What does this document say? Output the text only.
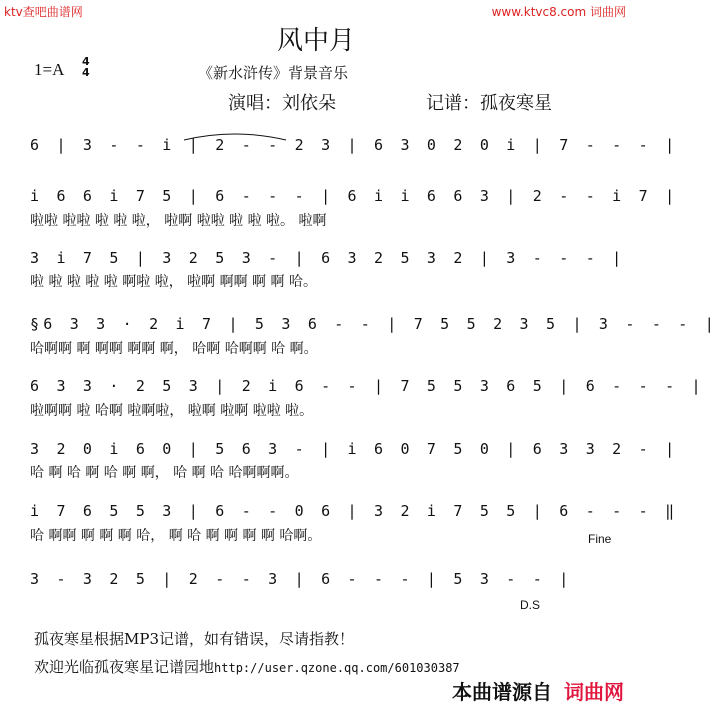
ktv查吧曲谱网	www.ktvc8.com 词曲网
风中月
1=A 4
4	《新水浒传》背景音乐
演唱：刘依朵	记谱：孤夜寒星
6 | 3 - - i | 2 - - 2 3 | 6 3 0 2 0 i | 7 - - - |
i 6 6 i 7 5 | 6 - - - | 6 i i 6 6 3 | 2 - - i 7 |
啦啦 啦啦 啦 啦 啦， 啦啊 啦啦 啦 啦 啦。 啦啊
3 i 7 5 | 3 2 5 3 - | 6 3 2 5 3 2 | 3 - - - |
啦 啦 啦 啦 啦 啊啦 啦， 啦啊 啊啊 啊 啊 哈。
§6 3 3 · 2 i 7 | 5 3 6 - - | 7 5 5 2 3 5 | 3 - - - |
哈啊啊 啊 啊啊 啊啊 啊， 哈啊 哈啊啊 哈 啊。
6 3 3 · 2 5 3 | 2 i 6 - - | 7 5 5 3 6 5 | 6 - - - |
啦啊啊 啦 哈啊 啦啊啦， 啦啊 啦啊 啦啦 啦。
3 2 0 i 6 0 | 5 6 3 - | i 6 0 7 5 0 | 6 3 3 2 - |
哈 啊 哈 啊 哈 啊 啊， 哈 啊 哈 哈啊啊啊。
i 7 6 5 5 3 | 6 - - 0 6 | 3 2 i 7 5 5 | 6 - - - ‖
哈 啊啊 啊 啊 啊 哈， 啊 哈 啊 啊 啊 啊 哈啊。	Fine
3 - 3 2 5 | 2 - - 3 | 6 - - - | 5 3 - - |
D.S
孤夜寒星根据MP3记谱，如有错误，尽请指教！
欢迎光临孤夜寒星记谱园地http://user.qzone.qq.com/601030387
本曲谱源自 词曲网
